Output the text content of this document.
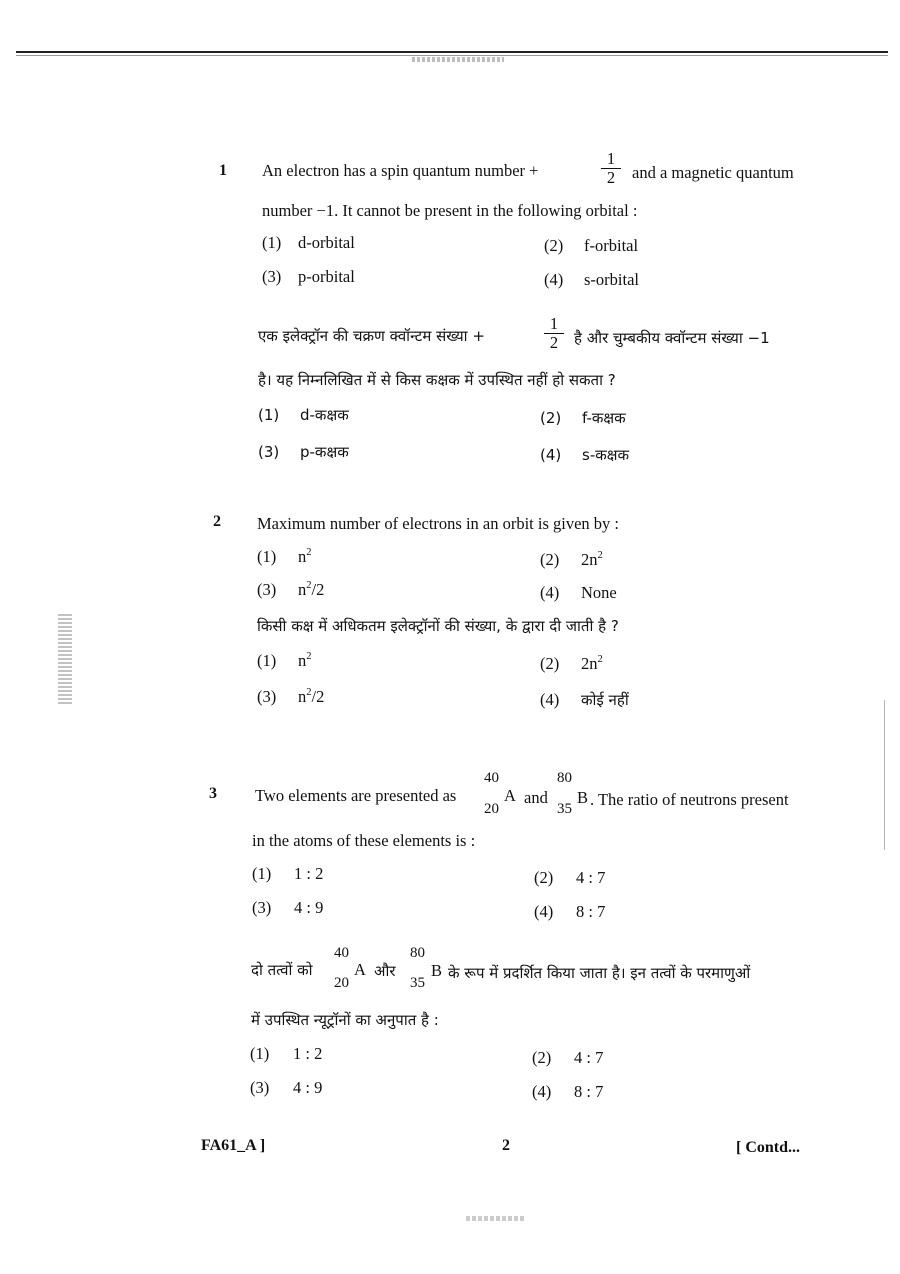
1 An electron has a spin quantum number +	$\frac{1}{2}$ and a magnetic quantum
number −1. It cannot be present in the following orbital :
(1) d-orbital	(2) f-orbital
(3) p-orbital	(4) s-orbital
एक इलेक्ट्रॉन की चक्रण क्वॉन्टम संख्या +	$\frac{1}{2}$ है और चुम्बकीय क्वॉन्टम संख्या −1
है। यह निम्नलिखित में से किस कक्षक में उपस्थित नहीं हो सकता ?
(1) d-कक्षक	(2) f-कक्षक
(3) p-कक्षक	(4) s-कक्षक
2 Maximum number of electrons in an orbit is given by :
(1) $n^2$	(2) $2n^2$
(3) $n^2/2$	(4) None
किसी कक्ष में अधिकतम इलेक्ट्रॉनों की संख्या, के द्वारा दी जाती है ?
(1) $n^2$	(2) $2n^2$
(3) $n^2/2$	(4) कोई नहीं
3 Two elements are presented as
40
20
A and
80
35
B . The ratio of neutrons present
in the atoms of these elements is :
(1) 1 : 2	(2) 4 : 7
(3) 4 : 9	(4) 8 : 7
दो तत्वों को
40
20
A और
80
35
B के रूप में प्रदर्शित किया जाता है। इन तत्वों के परमाणुओं
में उपस्थित न्यूट्रॉनों का अनुपात है :
(1) 1 : 2	(2) 4 : 7
(3) 4 : 9	(4) 8 : 7
FA61_A ]	2	[ Contd...
